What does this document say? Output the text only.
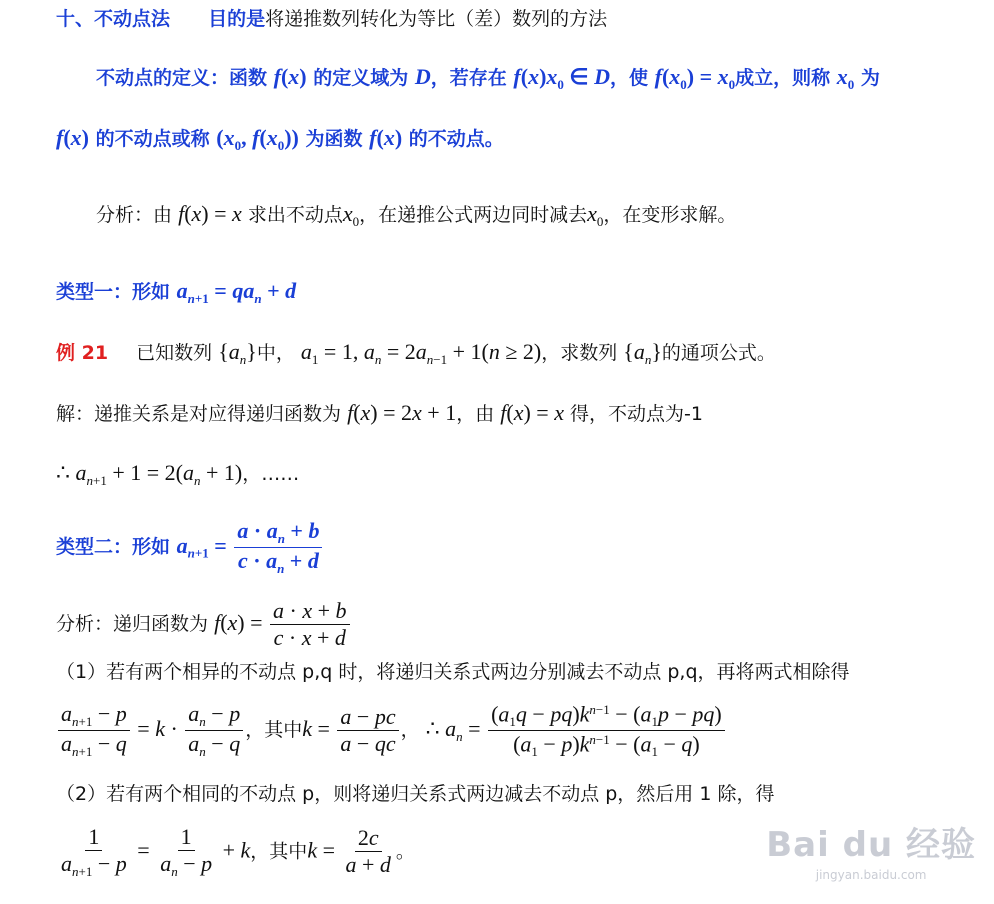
十、不动点法 目的是将递推数列转化为等比（差）数列的方法
不动点的定义：函数 f(x) 的定义域为 D，若存在 $f(x)x_0$ ∈ D，使 $f(x_0) = x_0$成立，则称 $x_0$ 为
f(x) 的不动点或称 ($x_0$, $f(x_0)$) 为函数 f(x) 的不动点。
分析：由 f(x) = x 求出不动点$x_0$，在递推公式两边同时减去$x_0$，在变形求解。
类型一：形如 $a_{n+1} = qa_n + d$
例 21 已知数列 $\{a_n\}$中， $a_1 = 1$, $a_n = 2a_{n-1} + 1(n \ge 2)$，求数列 $\{a_n\}$的通项公式。
解：递推关系是对应得递归函数为 f(x) = 2x + 1，由 f(x) = x 得，不动点为-1
∴ $a_{n+1} + 1 = 2(a_n + 1)$，……
类型二：形如 $a_{n+1} = \frac{a \cdot a_n + b}{c \cdot a_n + d}$
分析：递归函数为 $f(x) = \frac{a \cdot x + b}{c \cdot x + d}$
（1）若有两个相异的不动点 p,q 时，将递归关系式两边分别减去不动点 p,q，再将两式相除得
$\frac{a_{n+1} - p}{a_{n+1} - q} = k \cdot \frac{a_n - p}{a_n - q}$ ，其中$k = \frac{a - pc}{a - qc}$ ， ∴ $a_n = \frac{(a_1q - pq)k^{n-1} - (a_1p - pq)}{(a_1 - p)k^{n-1} - (a_1 - q)}$
（2）若有两个相同的不动点 p，则将递归关系式两边减去不动点 p，然后用 1 除，得
$\frac{1}{a_{n+1} - p} = \frac{1}{a_n - p} + k$，其中$k = \frac{2c}{a + d}$ 。	Bai du 经验
jingyan.baidu.com
